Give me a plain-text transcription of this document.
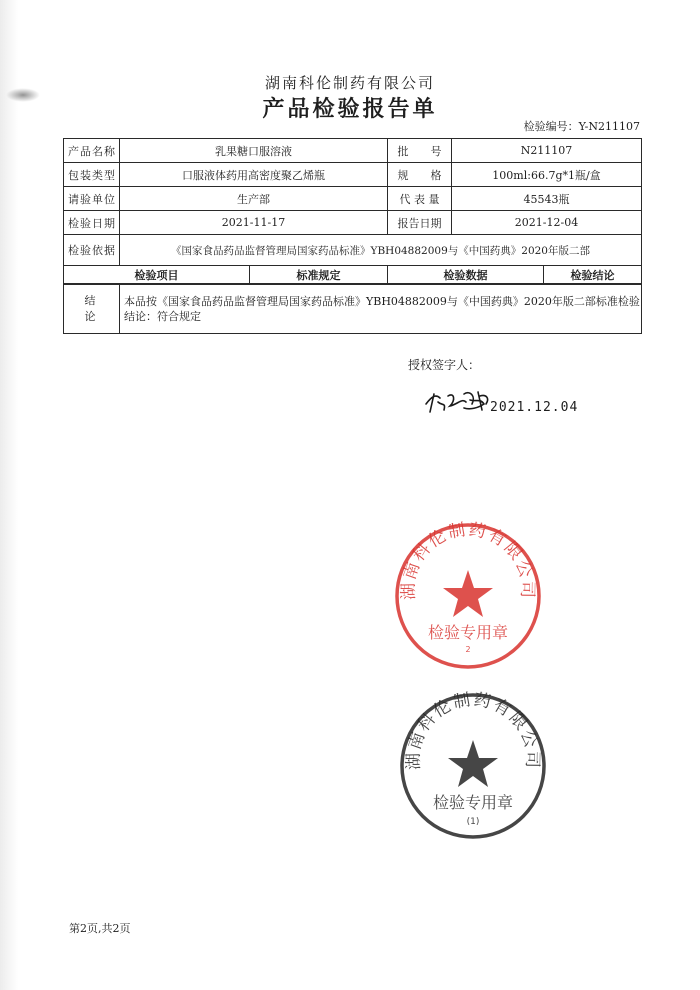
湖南科伦制药有限公司
产品检验报告单
检验编号：Y-N211107
产品名称	乳果糖口服溶液		批　　号	N211107	
包装类型	口服液体药用高密度聚乙烯瓶		规　　格	100ml:66.7g*1瓶/盒	
请验单位	生产部		代 表 量	45543瓶	
检验日期	2021-11-17		报告日期	2021-12-04	
检验依据	《国家食品药品监督管理局国家药品标准》YBH04882009与《中国药典》2020年版二部				
检验项目		标准规定	检验数据		检验结论
结　论	本品按《国家食品药品监督管理局国家药品标准》YBH04882009与《中国药典》2020年版二部标准检验
结论：符合规定				
授权签字人：
2021.12.04
湖南科伦制药有限公司
检验专用章
2
湖南科伦制药有限公司
检验专用章
(1)
第2页,共2页
